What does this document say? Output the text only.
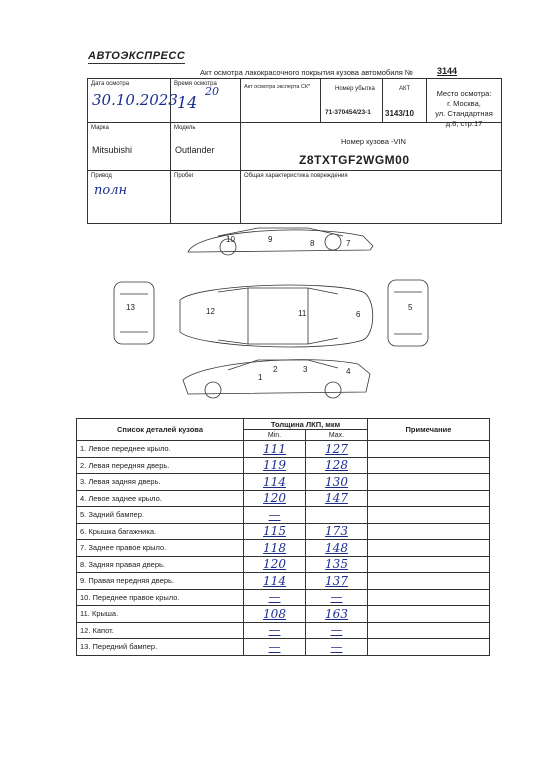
АВТОЭКСПРЕСС
Акт осмотра лакокрасочного покрытия кузова автомобиля №	3144
Дата осмотра
30.10.2023
Время осмотра
14
20	Акт осмотра эксперта СК*	Номер убытка
71-370454/23-1
АКТ
3143/10
Место осмотра:
г. Москва,
ул. Стандартная
д.6, стр.17
Марка
Mitsubishi
Модель
Outlander
Номер кузова -VIN
Z8TXTGF2WGM00
Привод
полн
Пробег	Общая характеристика повреждения
1
2	3	4
5
6
7
8
9
10
11
12
13
Список деталей кузова	Толщина ЛКП, мкм		Примечание
	Min.	Max.	
1. Левое переднее крыло.	111	127	
2. Левая передняя дверь.	119	128	
3. Левая задняя дверь.	114	130	
4. Левое заднее крыло.	120	147	
5. Задний бампер.	—		
6. Крышка багажника.	115	173	
7. Заднее правое крыло.	118	148	
8. Задняя правая дверь.	120	135	
9. Правая передняя дверь.	114	137	
10. Переднее правое крыло.	—	—	
11. Крыша.	108	163	
12. Капот.	—	—	
13. Передний бампер.	—	—	
